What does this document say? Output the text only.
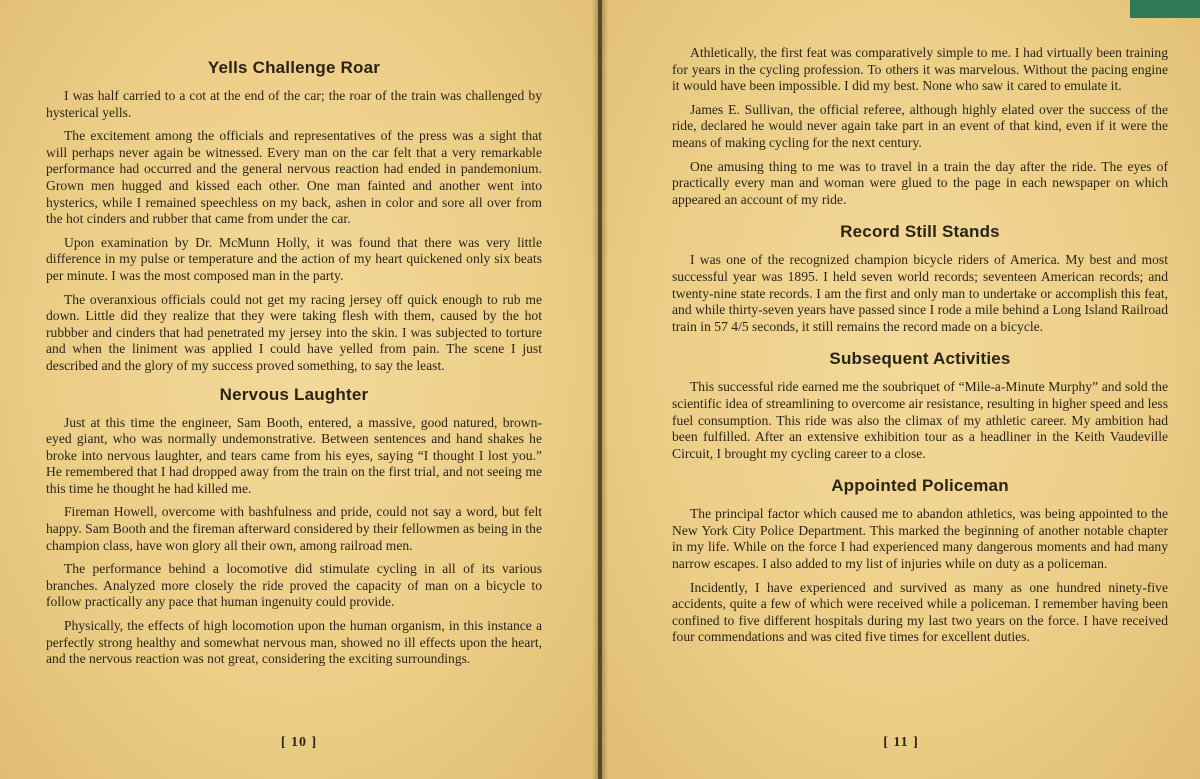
Yells Challenge Roar

I was half carried to a cot at the end of the car; the roar of the train was challenged by hysterical yells.

The excitement among the officials and representatives of the press was a sight that will perhaps never again be witnessed. Every man on the car felt that a very remarkable performance had occurred and the general nervous reaction had ended in pandemonium. Grown men hugged and kissed each other. One man fainted and another went into hysterics, while I remained speechless on my back, ashen in color and sore all over from the hot cinders and rubber that came from under the car.

Upon examination by Dr. McMunn Holly, it was found that there was very little difference in my pulse or temperature and the action of my heart quickened only six beats per minute. I was the most composed man in the party.

The overanxious officials could not get my racing jersey off quick enough to rub me down. Little did they realize that they were taking flesh with them, caused by the hot rubbber and cinders that had penetrated my jersey into the skin. I was subjected to torture and when the liniment was applied I could have yelled from pain. The scene I just described and the glory of my success proved something, to say the least.

Nervous Laughter

Just at this time the engineer, Sam Booth, entered, a massive, good natured, brown-eyed giant, who was normally undemonstrative. Between sentences and hand shakes he broke into nervous laughter, and tears came from his eyes, saying “I thought I lost you.” He remembered that I had dropped away from the train on the first trial, and not seeing me this time he thought he had killed me.

Fireman Howell, overcome with bashfulness and pride, could not say a word, but felt happy. Sam Booth and the fireman afterward considered by their fellowmen as being in the champion class, have won glory all their own, among railroad men.

The performance behind a locomotive did stimulate cycling in all of its various branches. Analyzed more closely the ride proved the capacity of man on a bicycle to follow practically any pace that human ingenuity could provide.

Physically, the effects of high locomotion upon the human organism, in this instance a perfectly strong healthy and somewhat nervous man, showed no ill effects upon the heart, and the nervous reaction was not great, considering the exciting surroundings.

[ 10 ]

Athletically, the first feat was comparatively simple to me. I had virtually been training for years in the cycling profession. To others it was marvelous. Without the pacing engine it would have been impossible. I did my best. None who saw it cared to emulate it.

James E. Sullivan, the official referee, although highly elated over the success of the ride, declared he would never again take part in an event of that kind, even if it were the means of making cycling for the next century.

One amusing thing to me was to travel in a train the day after the ride. The eyes of practically every man and woman were glued to the page in each newspaper on which appeared an account of my ride.

Record Still Stands

I was one of the recognized champion bicycle riders of America. My best and most successful year was 1895. I held seven world records; seventeen American records; and twenty-nine state records. I am the first and only man to undertake or accomplish this feat, and while thirty-seven years have passed since I rode a mile behind a Long Island Railroad train in 57 4/5 seconds, it still remains the record made on a bicycle.

Subsequent Activities

This successful ride earned me the soubriquet of “Mile-a-Minute Murphy” and sold the scientific idea of streamlining to overcome air resistance, resulting in higher speed and less fuel consumption. This ride was also the climax of my athletic career. My ambition had been fulfilled. After an extensive exhibition tour as a headliner in the Keith Vaudeville Circuit, I brought my cycling career to a close.

Appointed Policeman

The principal factor which caused me to abandon athletics, was being appointed to the New York City Police Department. This marked the beginning of another notable chapter in my life. While on the force I had experienced many dangerous moments and had many narrow escapes. I also added to my list of injuries while on duty as a policeman.

Incidently, I have experienced and survived as many as one hundred ninety-five accidents, quite a few of which were received while a policeman. I remember having been confined to five different hospitals during my last two years on the force. I have received four commendations and was cited five times for excellent duties.

[ 11 ]
